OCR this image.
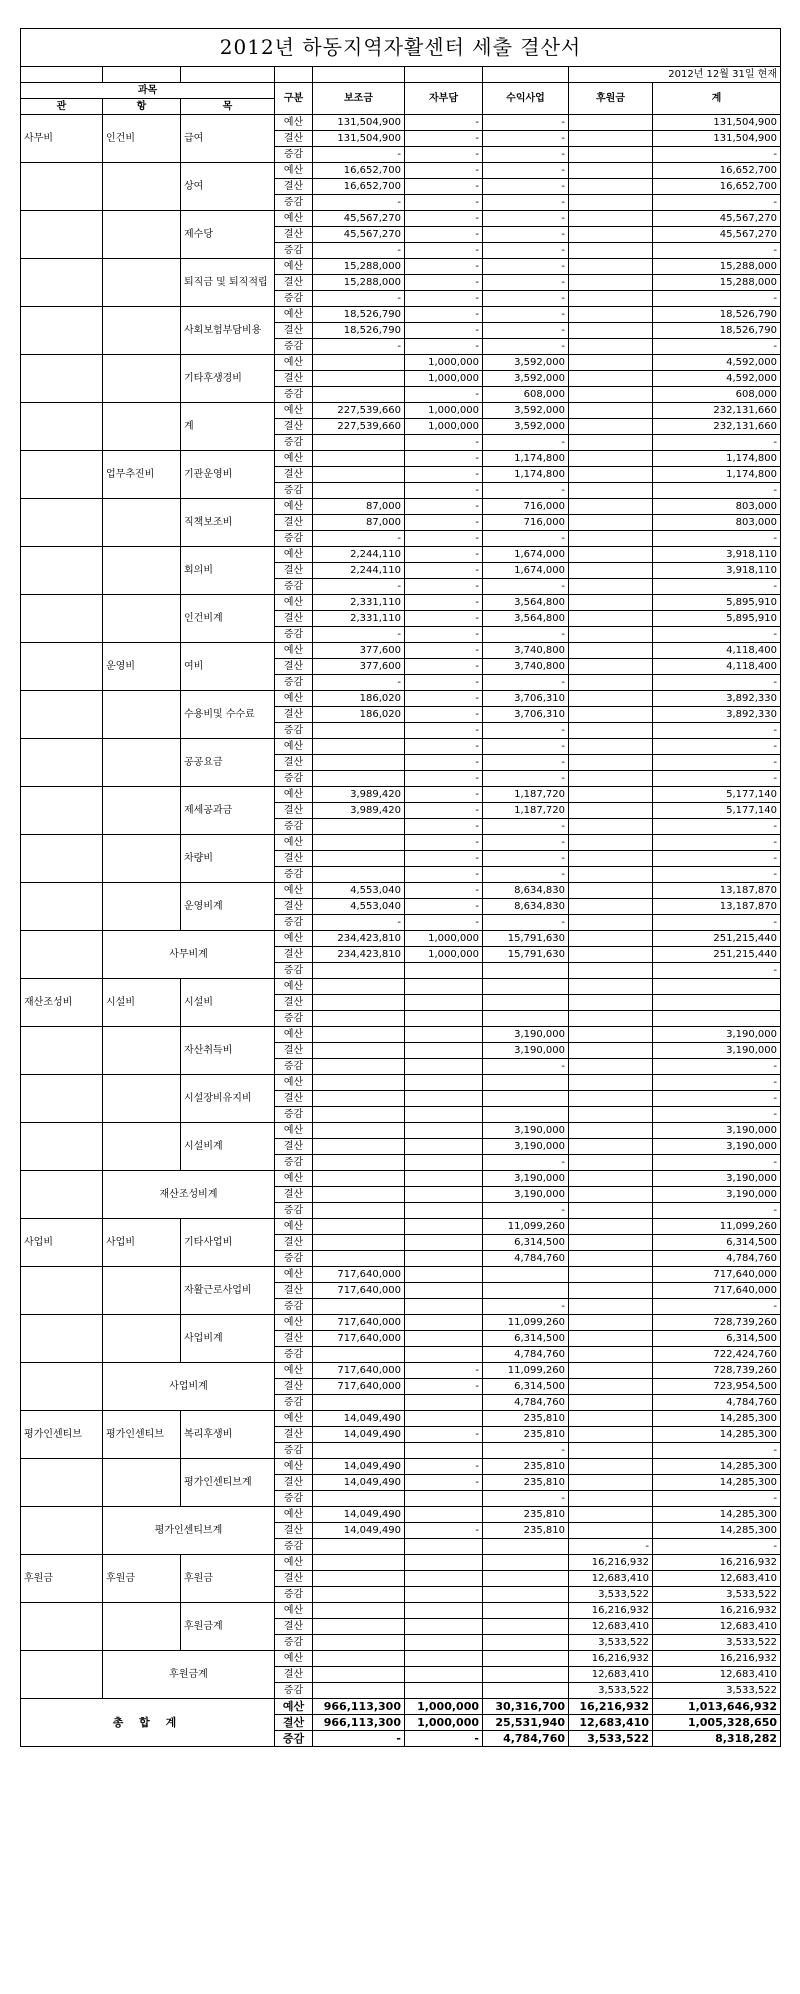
2012년 하동지역자활센터 세출 결산서								
							2012년 12월 31일 현재	
과목			구분	보조금	자부담	수익사업	후원금	계
관	항	목						
사무비	인건비	급여	예산	131,504,900	-	-		131,504,900
			결산	131,504,900	-	-		131,504,900
			증감	-	-	-		-
		상여	예산	16,652,700	-	-		16,652,700
			결산	16,652,700	-	-		16,652,700
			증감	-	-	-		-
		제수당	예산	45,567,270	-	-		45,567,270
			결산	45,567,270	-	-		45,567,270
			증감	-	-	-		-
		퇴직금 및 퇴직적립	예산	15,288,000	-	-		15,288,000
			결산	15,288,000	-	-		15,288,000
			증감	-	-	-		-
		사회보험부담비용	예산	18,526,790	-	-		18,526,790
			결산	18,526,790	-	-		18,526,790
			증감	-	-	-		-
		기타후생경비	예산		1,000,000	3,592,000		4,592,000
			결산		1,000,000	3,592,000		4,592,000
			증감		-	608,000		608,000
		계	예산	227,539,660	1,000,000	3,592,000		232,131,660
			결산	227,539,660	1,000,000	3,592,000		232,131,660
			증감		-	-		-
	업무추진비	기관운영비	예산		-	1,174,800		1,174,800
			결산		-	1,174,800		1,174,800
			증감		-	-		-
		직책보조비	예산	87,000	-	716,000		803,000
			결산	87,000	-	716,000		803,000
			증감	-	-	-		-
		회의비	예산	2,244,110	-	1,674,000		3,918,110
			결산	2,244,110	-	1,674,000		3,918,110
			증감	-	-	-		-
		인건비계	예산	2,331,110	-	3,564,800		5,895,910
			결산	2,331,110	-	3,564,800		5,895,910
			증감	-	-	-		-
	운영비	여비	예산	377,600	-	3,740,800		4,118,400
			결산	377,600	-	3,740,800		4,118,400
			증감	-	-	-		-
		수용비및 수수료	예산	186,020	-	3,706,310		3,892,330
			결산	186,020	-	3,706,310		3,892,330
			증감		-	-		-
		공공요금	예산		-	-		-
			결산		-	-		-
			증감		-	-		-
		제세공과금	예산	3,989,420	-	1,187,720		5,177,140
			결산	3,989,420	-	1,187,720		5,177,140
			증감		-	-		-
		차량비	예산		-	-		-
			결산		-	-		-
			증감		-	-		-
		운영비계	예산	4,553,040	-	8,634,830		13,187,870
			결산	4,553,040	-	8,634,830		13,187,870
			증감	-	-	-		-
	사무비계		예산	234,423,810	1,000,000	15,791,630		251,215,440
			결산	234,423,810	1,000,000	15,791,630		251,215,440
			증감					-
재산조성비	시설비	시설비	예산					
			결산					
			증감					
		자산취득비	예산			3,190,000		3,190,000
			결산			3,190,000		3,190,000
			증감			-		-
		시설장비유지비	예산					-
			결산					-
			증감					-
		시설비계	예산			3,190,000		3,190,000
			결산			3,190,000		3,190,000
			증감			-		-
	재산조성비계		예산			3,190,000		3,190,000
			결산			3,190,000		3,190,000
			증감			-		-
사업비	사업비	기타사업비	예산			11,099,260		11,099,260
			결산			6,314,500		6,314,500
			증감			4,784,760		4,784,760
		자활근로사업비	예산	717,640,000				717,640,000
			결산	717,640,000				717,640,000
			증감			-		-
		사업비계	예산	717,640,000		11,099,260		728,739,260
			결산	717,640,000		6,314,500		6,314,500
			증감			4,784,760		722,424,760
	사업비계		예산	717,640,000	-	11,099,260		728,739,260
			결산	717,640,000	-	6,314,500		723,954,500
			증감			4,784,760		4,784,760
평가인센티브	평가인센티브	복리후생비	예산	14,049,490		235,810		14,285,300
			결산	14,049,490	-	235,810		14,285,300
			증감			-		-
		평가인센티브계	예산	14,049,490	-	235,810		14,285,300
			결산	14,049,490	-	235,810		14,285,300
			증감			-		-
	평가인센티브계		예산	14,049,490		235,810		14,285,300
			결산	14,049,490	-	235,810		14,285,300
			증감				-	-
후원금	후원금	후원금	예산				16,216,932	16,216,932
			결산				12,683,410	12,683,410
			증감				3,533,522	3,533,522
		후원금계	예산				16,216,932	16,216,932
			결산				12,683,410	12,683,410
			증감				3,533,522	3,533,522
	후원금계		예산				16,216,932	16,216,932
			결산				12,683,410	12,683,410
			증감				3,533,522	3,533,522
총 합 계			예산	966,113,300	1,000,000	30,316,700	16,216,932	1,013,646,932
			결산	966,113,300	1,000,000	25,531,940	12,683,410	1,005,328,650
			증감	-	-	4,784,760	3,533,522	8,318,282
